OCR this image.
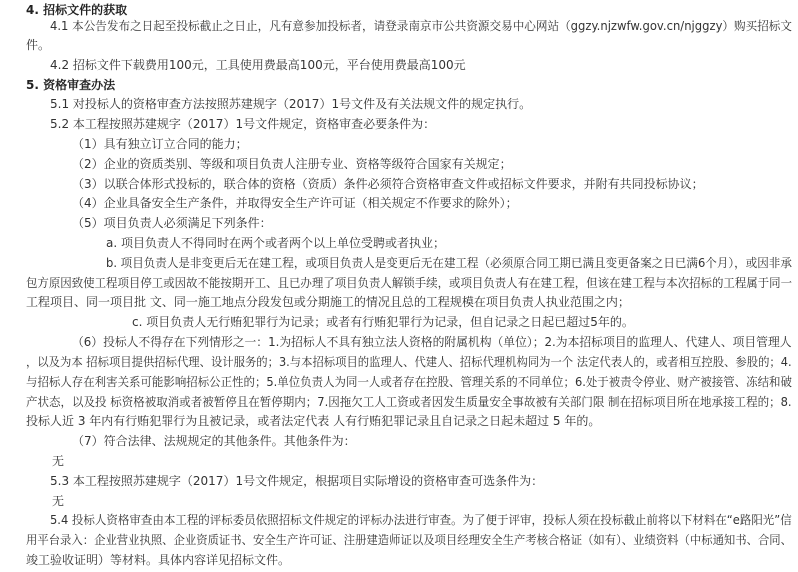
4. 招标文件的获取
4.1 本公告发布之日起至投标截止之日止，凡有意参加投标者，请登录南京市公共资源交易中心网站（ggzy.njzwfw.gov.cn/njggzy）购买招标文
件。
4.2 招标文件下载费用100元，工具使用费最高100元，平台使用费最高100元
5. 资格审查办法
5.1 对投标人的资格审查方法按照苏建规字（2017）1号文件及有关法规文件的规定执行。
5.2 本工程按照苏建规字（2017）1号文件规定，资格审查必要条件为：
（1）具有独立订立合同的能力；
（2）企业的资质类别、等级和项目负责人注册专业、资格等级符合国家有关规定；
（3）以联合体形式投标的，联合体的资格（资质）条件必须符合资格审查文件或招标文件要求，并附有共同投标协议；
（4）企业具备安全生产条件，并取得安全生产许可证（相关规定不作要求的除外）；
（5）项目负责人必须满足下列条件：
a. 项目负责人不得同时在两个或者两个以上单位受聘或者执业；
b. 项目负责人是非变更后无在建工程，或项目负责人是变更后无在建工程（必须原合同工期已满且变更备案之日已满6个月），或因非承
包方原因致使工程项目停工或因故不能按期开工、且已办理了项目负责人解锁手续，或项目负责人有在建工程，但该在建工程与本次招标的工程属于同一
工程项目、同一项目批 文、同一施工地点分段发包或分期施工的情况且总的工程规模在项目负责人执业范围之内；
c. 项目负责人无行贿犯罪行为记录；或者有行贿犯罪行为记录，但自记录之日起已超过5年的。
（6）投标人不得存在下列情形之一：1.为招标人不具有独立法人资格的附属机构（单位）；2.为本招标项目的监理人、代建人、项目管理人
，以及为本 招标项目提供招标代理、设计服务的；3.与本招标项目的监理人、代建人、招标代理机构同为一个 法定代表人的，或者相互控股、参股的；4.
与招标人存在利害关系可能影响招标公正性的；5.单位负责人为同一人或者存在控股、管理关系的不同单位；6.处于被责令停业、财产被接管、冻结和破
产状态，以及投 标资格被取消或者被暂停且在暂停期内；7.因拖欠工人工资或者因发生质量安全事故被有关部门限 制在招标项目所在地承接工程的；8.
投标人近 3 年内有行贿犯罪行为且被记录，或者法定代表 人有行贿犯罪记录且自记录之日起未超过 5 年的。
（7）符合法律、法规规定的其他条件。其他条件为：
无
5.3 本工程按照苏建规字（2017）1号文件规定，根据项目实际增设的资格审查可选条件为：
无
5.4 投标人资格审查由本工程的评标委员依照招标文件规定的评标办法进行审查。为了便于评审，投标人须在投标截止前将以下材料在“e路阳光”信
用平台录入：企业营业执照、企业资质证书、安全生产许可证、注册建造师证以及项目经理安全生产考核合格证（如有）、业绩资料（中标通知书、合同、
竣工验收证明）等材料。具体内容详见招标文件。
